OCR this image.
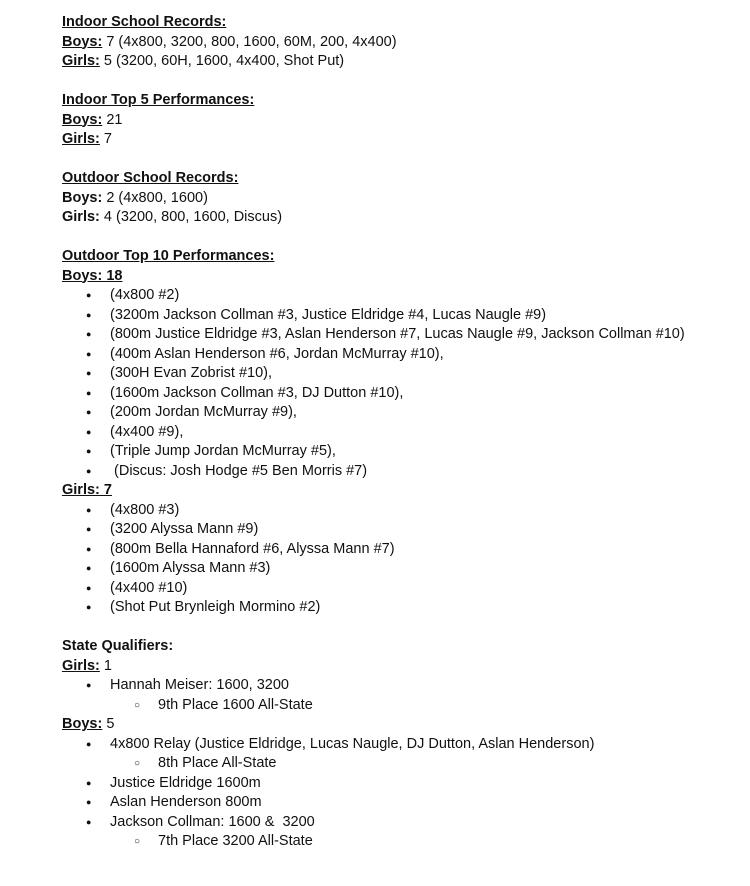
Indoor School Records:
Boys: 7 (4x800, 3200, 800, 1600, 60M, 200, 4x400)
Girls: 5 (3200, 60H, 1600, 4x400, Shot Put)
Indoor Top 5 Performances:
Boys: 21
Girls: 7
Outdoor School Records:
Boys: 2 (4x800, 1600)
Girls: 4 (3200, 800, 1600, Discus)
Outdoor Top 10 Performances:
Boys: 18
● (4x800 #2)
● (3200m Jackson Collman #3, Justice Eldridge #4, Lucas Naugle #9)
● (800m Justice Eldridge #3, Aslan Henderson #7, Lucas Naugle #9, Jackson Collman #10)
● (400m Aslan Henderson #6, Jordan McMurray #10),
● (300H Evan Zobrist #10),
● (1600m Jackson Collman #3, DJ Dutton #10),
● (200m Jordan McMurray #9),
● (4x400 #9),
● (Triple Jump Jordan McMurray #5),
●  (Discus: Josh Hodge #5 Ben Morris #7)
Girls: 7
● (4x800 #3)
● (3200 Alyssa Mann #9)
● (800m Bella Hannaford #6, Alyssa Mann #7)
● (1600m Alyssa Mann #3)
● (4x400 #10)
● (Shot Put Brynleigh Mormino #2)
State Qualifiers:
Girls: 1
● Hannah Meiser: 1600, 3200
○ 9th Place 1600 All-State
Boys: 5
● 4x800 Relay (Justice Eldridge, Lucas Naugle, DJ Dutton, Aslan Henderson)
○ 8th Place All-State
● Justice Eldridge 1600m
● Aslan Henderson 800m
● Jackson Collman: 1600 &  3200
○ 7th Place 3200 All-State
